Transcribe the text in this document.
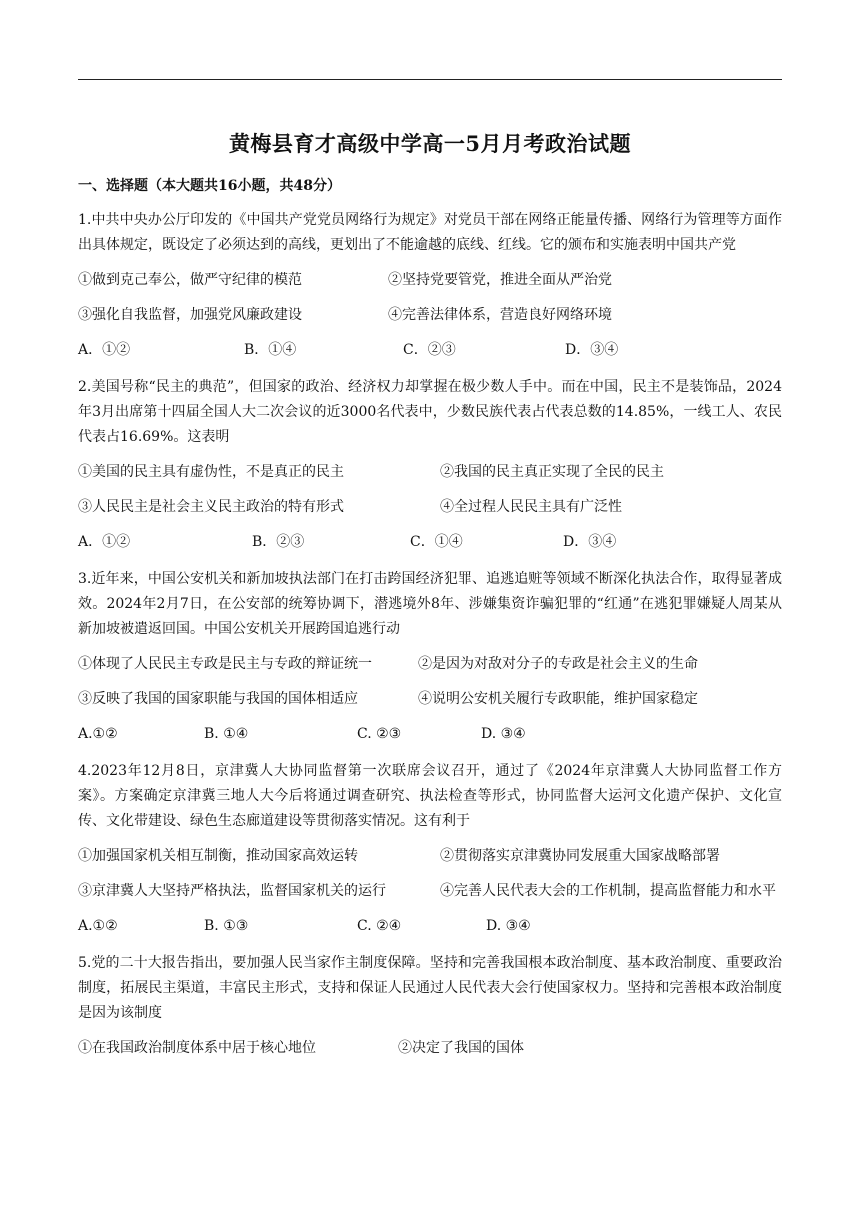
黄梅县育才高级中学高一5月月考政治试题
一、选择题（本大题共16小题，共48分）
1.中共中央办公厅印发的《中国共产党党员网络行为规定》对党员干部在网络正能量传播、网络行为管理等方面作出具体规定，既设定了必须达到的高线，更划出了不能逾越的底线、红线。它的颁布和实施表明中国共产党
①做到克己奉公，做严守纪律的模范	②坚持党要管党，推进全面从严治党
③强化自我监督，加强党风廉政建设	④完善法律体系，营造良好网络环境
A．①②	B．①④	C．②③	D．③④
2.美国号称“民主的典范”，但国家的政治、经济权力却掌握在极少数人手中。而在中国，民主不是装饰品，2024年3月出席第十四届全国人大二次会议的近3000名代表中，少数民族代表占代表总数的14.85%，一线工人、农民代表占16.69%。这表明
①美国的民主具有虚伪性，不是真正的民主	②我国的民主真正实现了全民的民主
③人民民主是社会主义民主政治的特有形式	④全过程人民民主具有广泛性
A．①②	B．②③	C．①④	D．③④
3.近年来，中国公安机关和新加坡执法部门在打击跨国经济犯罪、追逃追赃等领域不断深化执法合作，取得显著成效。2024年2月7日，在公安部的统筹协调下，潜逃境外8年、涉嫌集资诈骗犯罪的“红通”在逃犯罪嫌疑人周某从新加坡被遣返回国。中国公安机关开展跨国追逃行动
①体现了人民民主专政是民主与专政的辩证统一	②是因为对敌对分子的专政是社会主义的生命
③反映了我国的国家职能与我国的国体相适应	④说明公安机关履行专政职能，维护国家稳定
A.①②	B. ①④	C. ②③	D. ③④
4.2023年12月8日，京津冀人大协同监督第一次联席会议召开，通过了《2024年京津冀人大协同监督工作方案》。方案确定京津冀三地人大今后将通过调查研究、执法检查等形式，协同监督大运河文化遗产保护、文化宣传、文化带建设、绿色生态廊道建设等贯彻落实情况。这有利于
①加强国家机关相互制衡，推动国家高效运转	②贯彻落实京津冀协同发展重大国家战略部署
③京津冀人大坚持严格执法，监督国家机关的运行	④完善人民代表大会的工作机制，提高监督能力和水平
A.①②	B. ①③	C. ②④	D. ③④
5.党的二十大报告指出，要加强人民当家作主制度保障。坚持和完善我国根本政治制度、基本政治制度、重要政治制度，拓展民主渠道，丰富民主形式，支持和保证人民通过人民代表大会行使国家权力。坚持和完善根本政治制度是因为该制度
①在我国政治制度体系中居于核心地位	②决定了我国的国体
